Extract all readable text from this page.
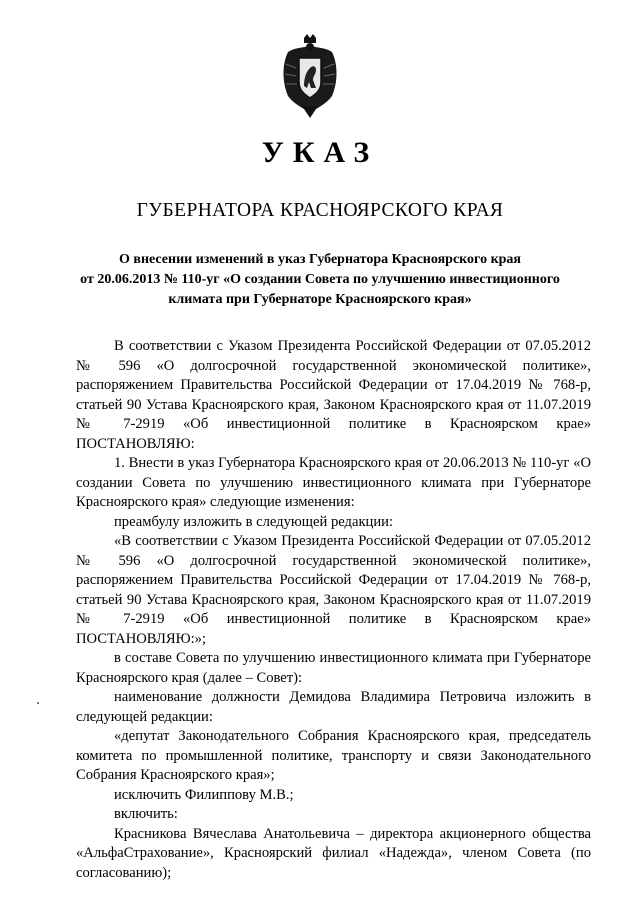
УКАЗ
ГУБЕРНАТОРА КРАСНОЯРСКОГО КРАЯ
О внесении изменений в указ Губернатора Красноярского края
от 20.06.2013 № 110-уг «О создании Совета по улучшению инвестиционного
климата при Губернаторе Красноярского края»

В соответствии с Указом Президента Российской Федерации от 07.05.2012 № 596 «О долгосрочной государственной экономической политике», распоряжением Правительства Российской Федерации от 17.04.2019 № 768-р, статьей 90 Устава Красноярского края, Законом Красноярского края от 11.07.2019 № 7-2919 «Об инвестиционной политике в Красноярском крае» ПОСТАНОВЛЯЮ:

1. Внести в указ Губернатора Красноярского края от 20.06.2013 № 110-уг «О создании Совета по улучшению инвестиционного климата при Губернаторе Красноярского края» следующие изменения:

преамбулу изложить в следующей редакции:

«В соответствии с Указом Президента Российской Федерации от 07.05.2012 № 596 «О долгосрочной государственной экономической политике», распоряжением Правительства Российской Федерации от 17.04.2019 № 768-р, статьей 90 Устава Красноярского края, Законом Красноярского края от 11.07.2019 № 7-2919 «Об инвестиционной политике в Красноярском крае» ПОСТАНОВЛЯЮ:»;

в составе Совета по улучшению инвестиционного климата при Губернаторе Красноярского края (далее – Совет):

наименование должности Демидова Владимира Петровича изложить в следующей редакции:

«депутат Законодательного Собрания Красноярского края, председатель комитета по промышленной политике, транспорту и связи Законодательного Собрания Красноярского края»;

исключить Филиппову М.В.;

включить:

Красникова Вячеслава Анатольевича – директора акционерного общества «АльфаСтрахование», Красноярский филиал «Надежда», членом Совета (по согласованию);
